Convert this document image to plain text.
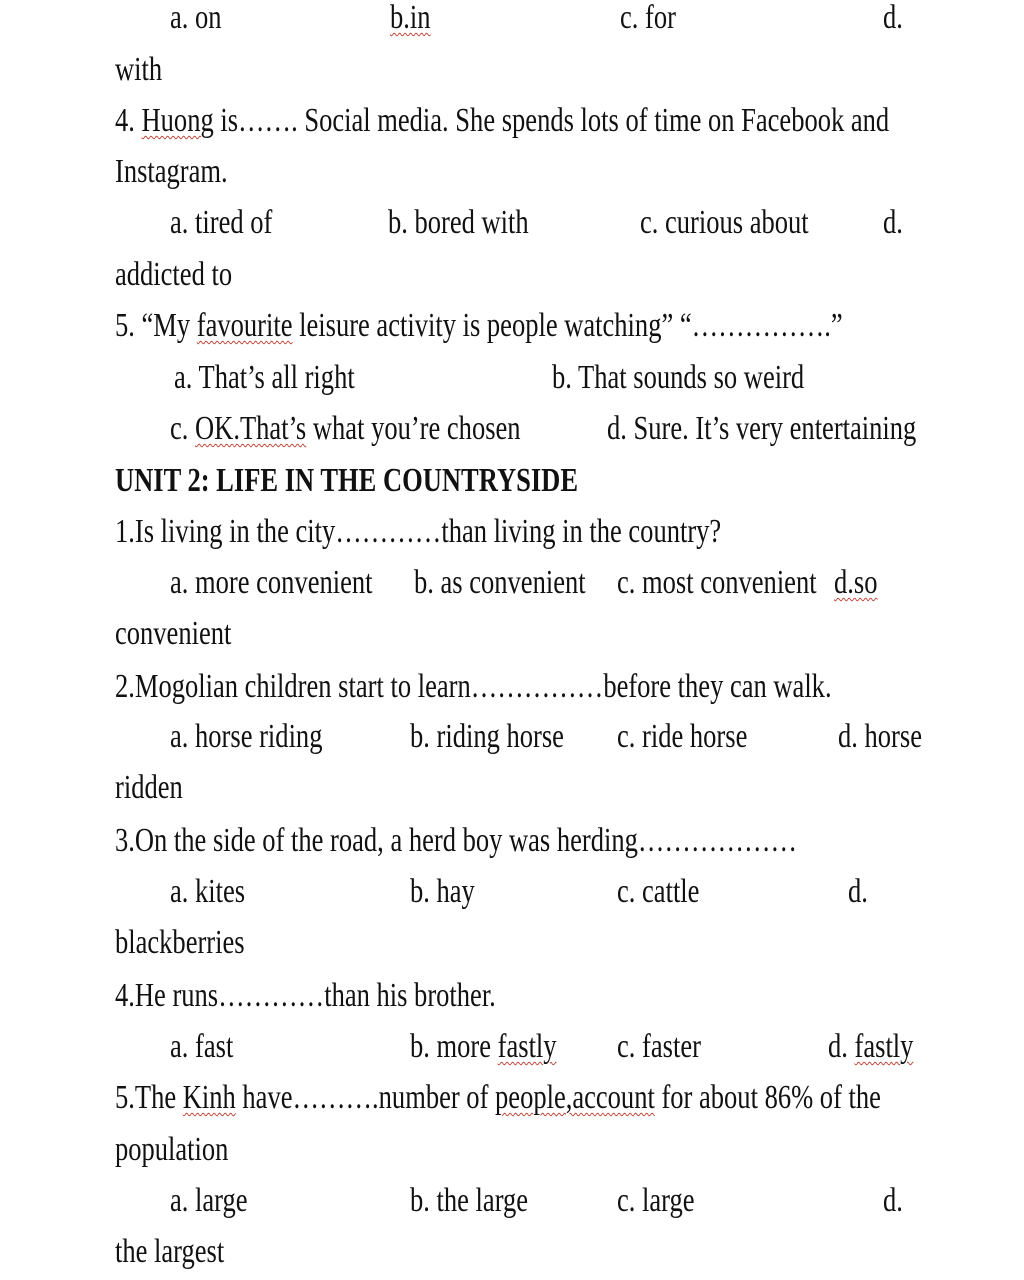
a. on	b.in	c. for	d.
with
4. Huong is……. Social media. She spends lots of time on Facebook and
Instagram.
a. tired of	b. bored with	c. curious about d.
addicted to
5. “My favourite leisure activity is people watching” “…………….”
a. That’s all right	b. That sounds so weird
c. OK.That’s what you’re chosen	d. Sure. It’s very entertaining
UNIT 2: LIFE IN THE COUNTRYSIDE
1.Is living in the city…………than living in the country?
a. more convenient b. as convenient c. most convenient d.so
convenient
2.Mogolian children start to learn……………before they can walk.
a. horse riding	b. riding horse c. ride horse	d. horse
ridden
3.On the side of the road, a herd boy was herding………………
a. kites	b. hay	c. cattle	d.
blackberries
4.He runs…………than his brother.
a. fast	b. more fastly c. faster	d. fastly
5.The Kinh have……….number of people,account for about 86% of the
population
a. large	b. the large	c. large	d.
the largest
